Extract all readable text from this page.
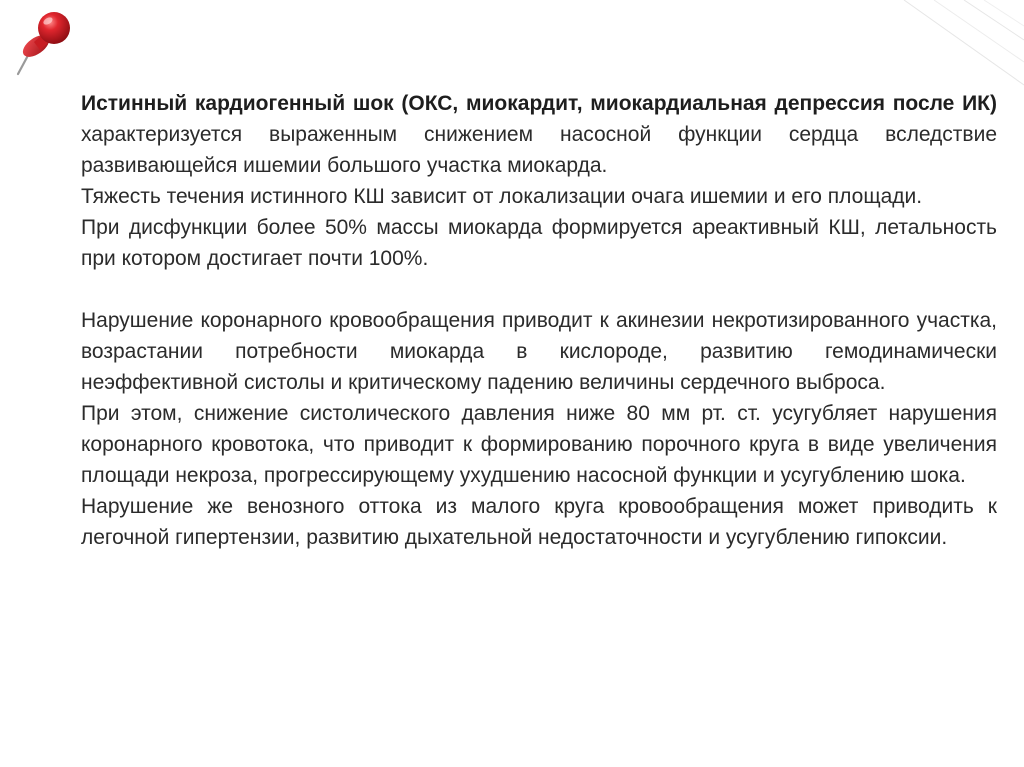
Истинный кардиогенный шок (ОКС, миокардит, миокардиальная депрессия после ИК) характеризуется выраженным снижением насосной функции сердца вследствие развивающейся ишемии большого участка миокарда.

Тяжесть течения истинного КШ зависит от локализации очага ишемии и его площади.

При дисфункции более 50% массы миокарда формируется ареактивный КШ, летальность при котором достигает почти 100%.

Нарушение коронарного кровообращения приводит к акинезии некротизированного участка, возрастании потребности миокарда в кислороде, развитию гемодинамически неэффективной систолы и критическому падению величины сердечного выброса.

При этом, снижение систолического давления ниже 80 мм рт. ст. усугубляет нарушения коронарного кровотока, что приводит к формированию порочного круга в виде увеличения площади некроза, прогрессирующему ухудшению насосной функции и усугублению шока.

Нарушение же венозного оттока из малого круга кровообращения может приводить к легочной гипертензии, развитию дыхательной недостаточности и усугублению гипоксии.
